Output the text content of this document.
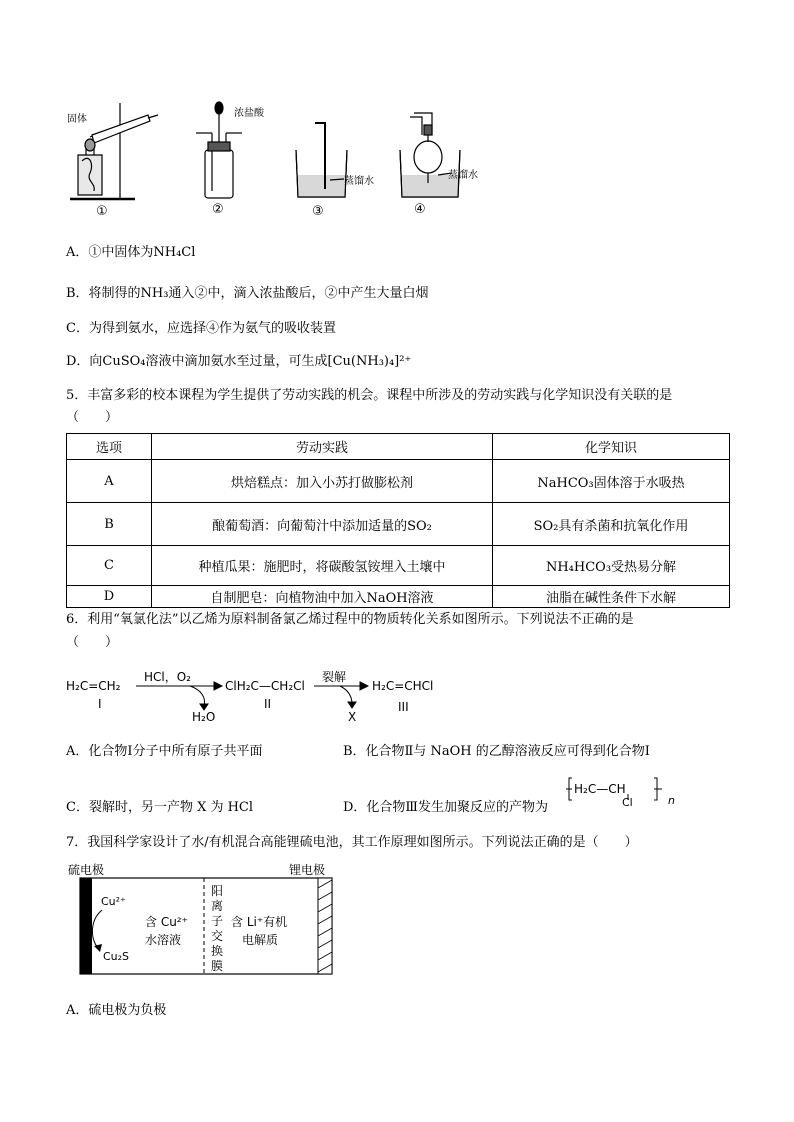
固体
浓盐酸
蒸馏水
蒸馏水
①	②	③	④
A．①中固体为NH₄Cl
B．将制得的NH₃通入②中，滴入浓盐酸后，②中产生大量白烟
C．为得到氨水，应选择④作为氨气的吸收装置
D．向CuSO₄溶液中滴加氨水至过量，可生成[Cu(NH₃)₄]²⁺
5．丰富多彩的校本课程为学生提供了劳动实践的机会。课程中所涉及的劳动实践与化学知识没有关联的是
（　　）
选项	劳动实践	化学知识
A	烘焙糕点：加入小苏打做膨松剂	NaHCO₃固体溶于水吸热
B	酿葡萄酒：向葡萄汁中添加适量的SO₂	SO₂具有杀菌和抗氧化作用
C	种植瓜果：施肥时，将碳酸氢铵埋入土壤中	NH₄HCO₃受热易分解
D	自制肥皂：向植物油中加入NaOH溶液	油脂在碱性条件下水解
6．利用“氧氯化法”以乙烯为原料制备氯乙烯过程中的物质转化关系如图所示。下列说法不正确的是
（　　）
H₂C=CH₂
I
HCl，O₂
H₂O
ClH₂C—CH₂Cl
II
裂解
X
H₂C=CHCl
III
A．化合物Ⅰ分子中所有原子共平面	B．化合物Ⅱ与 NaOH 的乙醇溶液反应可得到化合物Ⅰ
C．裂解时，另一产物 X 为 HCl	D．化合物Ⅲ发生加聚反应的产物为
H₂C—CH
Cl	n
7．我国科学家设计了水/有机混合高能锂硫电池，其工作原理如图所示。下列说法正确的是（　　）
硫电极	锂电极
Cu²⁺
Cu₂S
含 Cu²⁺
水溶液
阳
离
子
交
换
膜
含 Li⁺有机
电解质
A．硫电极为负极
